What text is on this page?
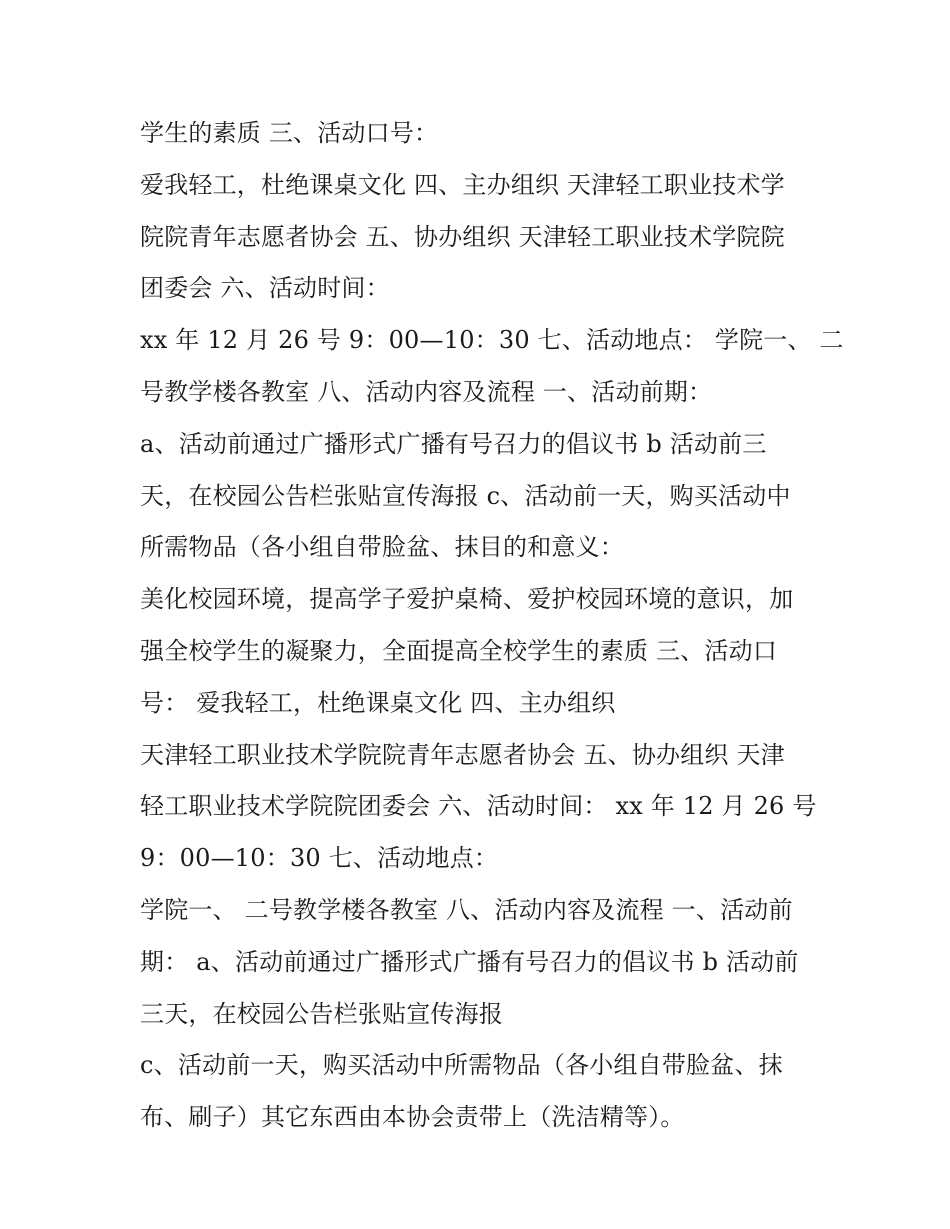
学生的素质 三、活动口号：
爱我轻工，杜绝课桌文化 四、主办组织 天津轻工职业技术学
院院青年志愿者协会 五、协办组织 天津轻工职业技术学院院
团委会 六、活动时间：
xx 年 12 月 26 号 9：00—10：30 七、活动地点： 学院一、 二
号教学楼各教室 八、活动内容及流程 一、活动前期：
a、活动前通过广播形式广播有号召力的倡议书 b 活动前三
天，在校园公告栏张贴宣传海报 c、活动前一天，购买活动中
所需物品（各小组自带脸盆、抹目的和意义：
美化校园环境，提高学子爱护桌椅、爱护校园环境的意识，加
强全校学生的凝聚力，全面提高全校学生的素质 三、活动口
号： 爱我轻工，杜绝课桌文化 四、主办组织
天津轻工职业技术学院院青年志愿者协会 五、协办组织 天津
轻工职业技术学院院团委会 六、活动时间： xx 年 12 月 26 号
9：00—10：30 七、活动地点：
学院一、 二号教学楼各教室 八、活动内容及流程 一、活动前
期： a、活动前通过广播形式广播有号召力的倡议书 b 活动前
三天，在校园公告栏张贴宣传海报
c、活动前一天，购买活动中所需物品（各小组自带脸盆、抹
布、刷子）其它东西由本协会责带上（洗洁精等）。
